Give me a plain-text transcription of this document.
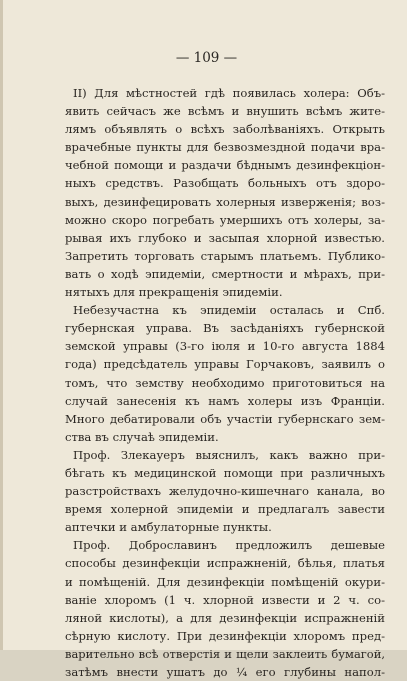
— 109 —

II) Для мѣстностей гдѣ появилась холера: Объ-
явить сейчасъ же всѣмъ и внушить всѣмъ жите-
лямъ объявлять о всѣхъ заболѣваніяхъ. Открыть
врачебные пункты для безвозмездной подачи вра-
чебной помощи и раздачи бѣднымъ дезинфекціон-
ныхъ средствъ. Разобщать больныхъ отъ здоро-
выхъ, дезинфецировать холерныя изверженія; воз-
можно скоро погребать умершихъ отъ холеры, за-
рывая ихъ глубоко и засыпая хлорной известью.
Запретить торговать старымъ платьемъ. Публико-
вать о ходѣ эпидеміи, смертности и мѣрахъ, при-
нятыхъ для прекращенія эпидеміи.

Небезучастна къ эпидеміи осталась и Спб.
губернская управа. Въ засѣданіяхъ губернской
земской управы (3-го іюля и 10-го августа 1884
года) предсѣдатель управы Горчаковъ, заявилъ о
томъ, что земству необходимо приготовиться на
случай занесенія къ намъ холеры изъ Франціи.
Много дебатировали объ участіи губернскаго зем-
ства въ случаѣ эпидеміи.

Проф. Злекауеръ выяснилъ, какъ важно при-
бѣгать къ медицинской помощи при различныхъ
разстройствахъ желудочно-кишечнаго канала, во
время холерной эпидеміи и предлагалъ завести
аптечки и амбулаторные пункты.

Проф. Доброславинъ предложилъ дешевые
способы дезинфекціи испражненій, бѣлья, платья
и помѣщеній. Для дезинфекціи помѣщеній окури-
ваніе хлоромъ (1 ч. хлорной извести и 2 ч. со-
ляной кислоты), а для дезинфекціи испражненій
сѣрную кислоту. При дезинфекціи хлоромъ пред-
варительно всѣ отверстія и щели заклеить бумагой,
затѣмъ внести ушатъ до ¼ его глубины напол-
